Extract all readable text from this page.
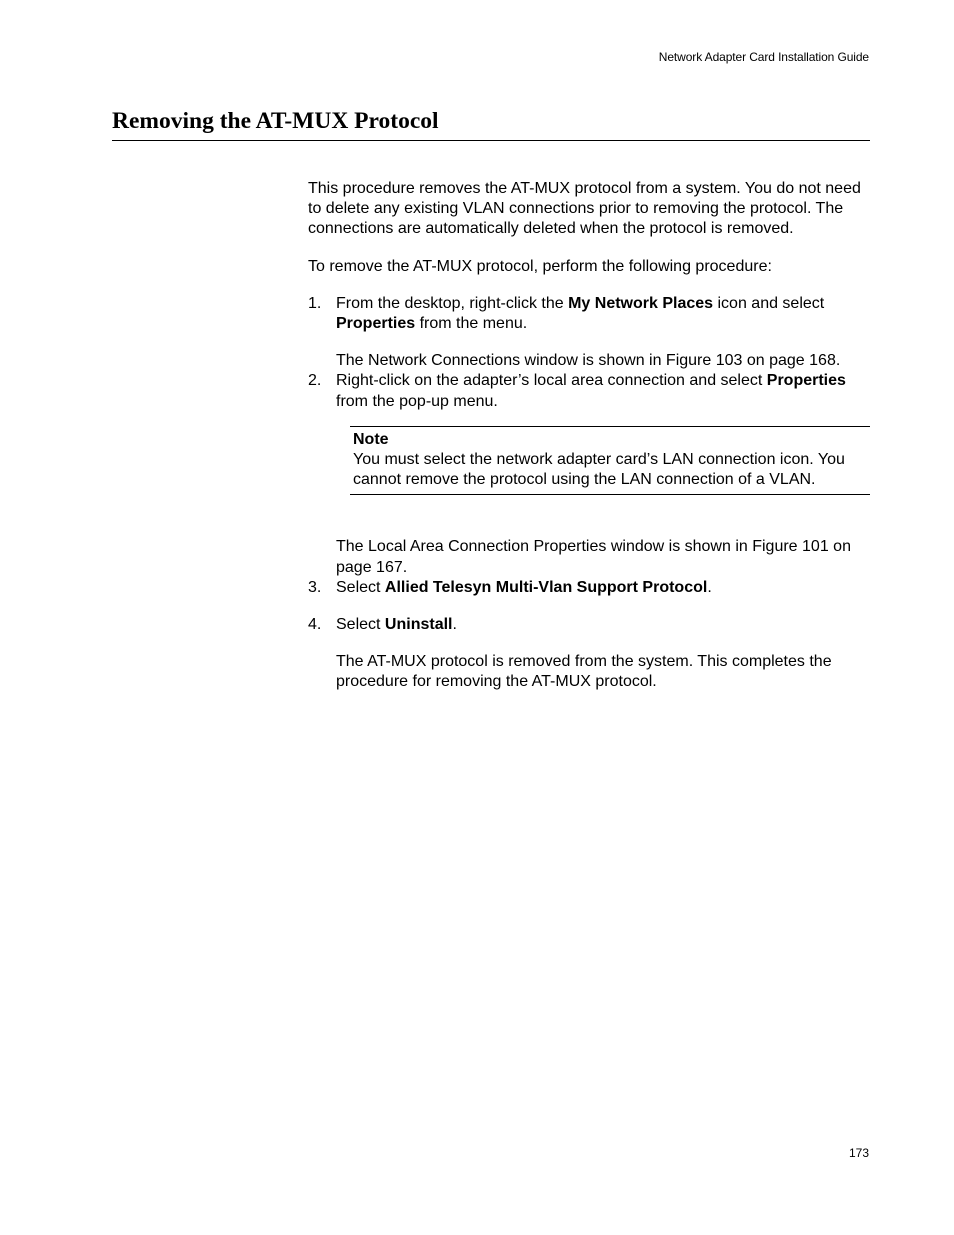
Network Adapter Card Installation Guide
Removing the AT-MUX Protocol

This procedure removes the AT-MUX protocol from a system. You do not need to delete any existing VLAN connections prior to removing the protocol. The connections are automatically deleted when the protocol is removed.

To remove the AT-MUX protocol, perform the following procedure:

1. From the desktop, right-click the My Network Places icon and select Properties from the menu.

The Network Connections window is shown in Figure 103 on page 168.

2. Right-click on the adapter’s local area connection and select Properties from the pop-up menu.
Note
You must select the network adapter card’s LAN connection icon. You cannot remove the protocol using the LAN connection of a VLAN.

The Local Area Connection Properties window is shown in Figure 101 on page 167.

3. Select Allied Telesyn Multi-Vlan Support Protocol.
4. Select Uninstall.

The AT-MUX protocol is removed from the system. This completes the procedure for removing the AT-MUX protocol.

173
